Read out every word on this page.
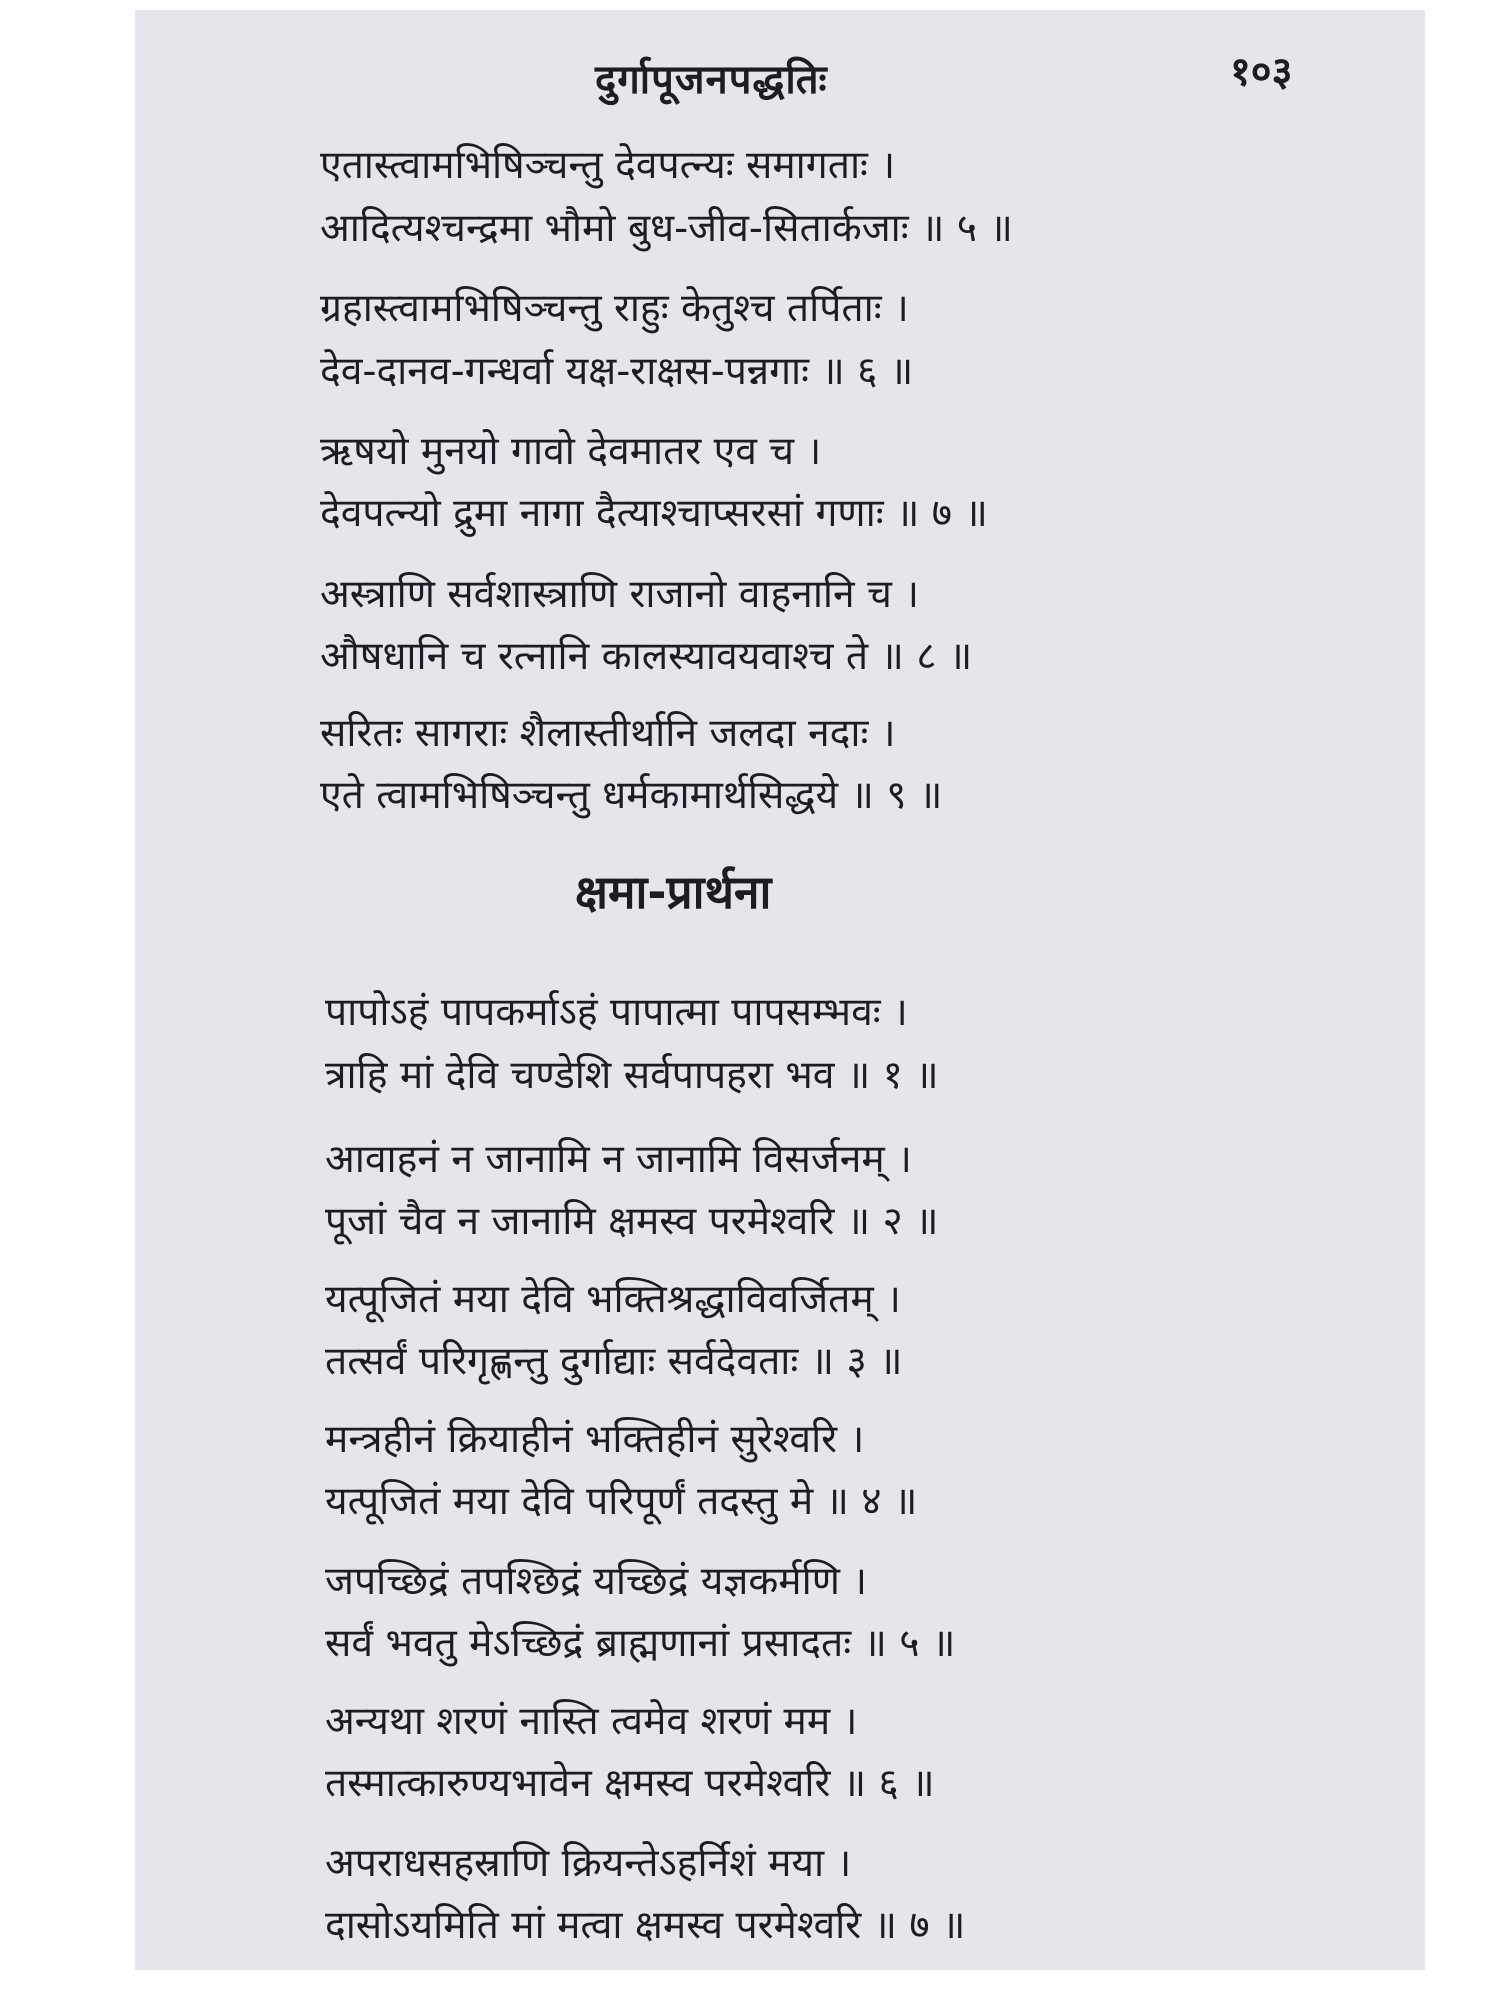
दुर्गापूजनपद्धतिः	१०३
एतास्त्वामभिषिञ्चन्तु देवपत्न्यः समागताः ।
आदित्यश्चन्द्रमा भौमो बुध-जीव-सितार्कजाः ॥ ५ ॥
ग्रहास्त्वामभिषिञ्चन्तु राहुः केतुश्च तर्पिताः ।
देव-दानव-गन्धर्वा यक्ष-राक्षस-पन्नगाः ॥ ६ ॥
ऋषयो मुनयो गावो देवमातर एव च ।
देवपत्न्यो द्रुमा नागा दैत्याश्चाप्सरसां गणाः ॥ ७ ॥
अस्त्राणि सर्वशास्त्राणि राजानो वाहनानि च ।
औषधानि च रत्नानि कालस्यावयवाश्च ते ॥ ८ ॥
सरितः सागराः शैलास्तीर्थानि जलदा नदाः ।
एते त्वामभिषिञ्चन्तु धर्मकामार्थसिद्धये ॥ ९ ॥
क्षमा-प्रार्थना
पापोऽहं पापकर्माऽहं पापात्मा पापसम्भवः ।
त्राहि मां देवि चण्डेशि सर्वपापहरा भव ॥ १ ॥
आवाहनं न जानामि न जानामि विसर्जनम् ।
पूजां चैव न जानामि क्षमस्व परमेश्वरि ॥ २ ॥
यत्पूजितं मया देवि भक्तिश्रद्धाविवर्जितम् ।
तत्सर्वं परिगृह्णन्तु दुर्गाद्याः सर्वदेवताः ॥ ३ ॥
मन्त्रहीनं क्रियाहीनं भक्तिहीनं सुरेश्वरि ।
यत्पूजितं मया देवि परिपूर्णं तदस्तु मे ॥ ४ ॥
जपच्छिद्रं तपश्छिद्रं यच्छिद्रं यज्ञकर्मणि ।
सर्वं भवतु मेऽच्छिद्रं ब्राह्मणानां प्रसादतः ॥ ५ ॥
अन्यथा शरणं नास्ति त्वमेव शरणं मम ।
तस्मात्कारुण्यभावेन क्षमस्व परमेश्वरि ॥ ६ ॥
अपराधसहस्राणि क्रियन्तेऽहर्निशं मया ।
दासोऽयमिति मां मत्वा क्षमस्व परमेश्वरि ॥ ७ ॥
